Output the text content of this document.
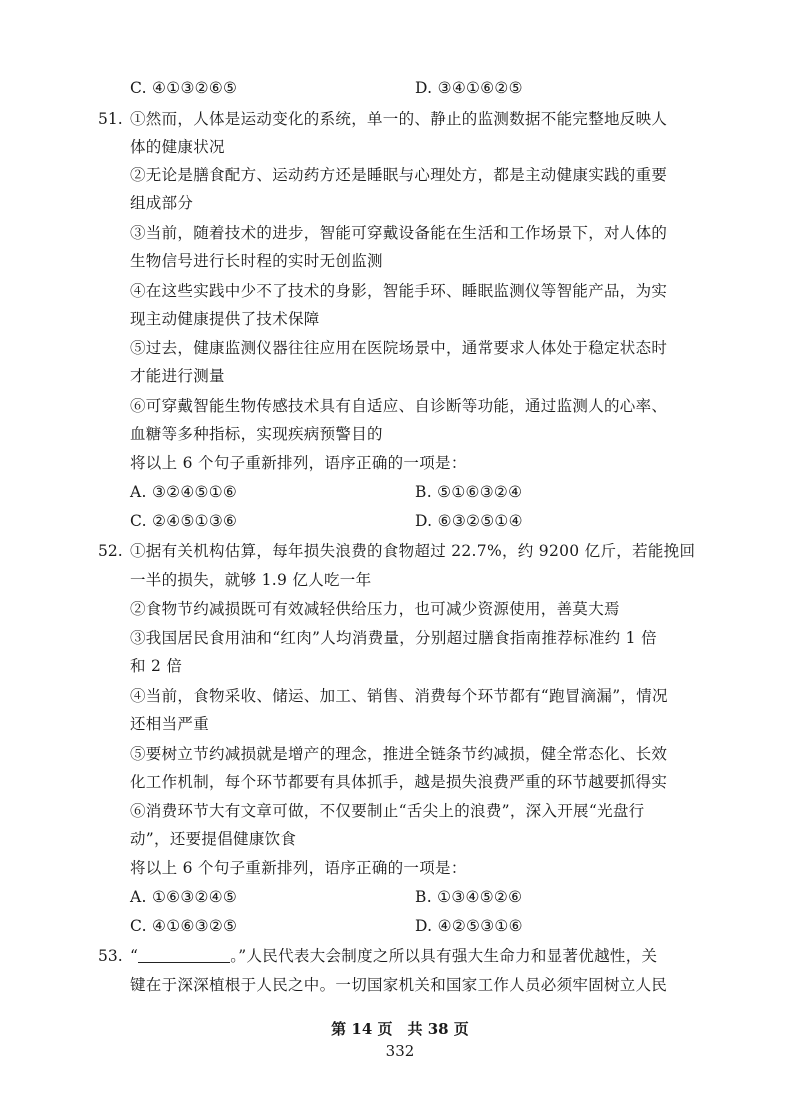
C. ④①③②⑥⑤	D. ③④①⑥②⑤
51. ①然而，人体是运动变化的系统，单一的、静止的监测数据不能完整地反映人
体的健康状况
②无论是膳食配方、运动药方还是睡眠与心理处方，都是主动健康实践的重要
组成部分
③当前，随着技术的进步，智能可穿戴设备能在生活和工作场景下，对人体的
生物信号进行长时程的实时无创监测
④在这些实践中少不了技术的身影，智能手环、睡眠监测仪等智能产品，为实
现主动健康提供了技术保障
⑤过去，健康监测仪器往往应用在医院场景中，通常要求人体处于稳定状态时
才能进行测量
⑥可穿戴智能生物传感技术具有自适应、自诊断等功能，通过监测人的心率、
血糖等多种指标，实现疾病预警目的
将以上 6 个句子重新排列，语序正确的一项是：
A. ③②④⑤①⑥	B. ⑤①⑥③②④
C. ②④⑤①③⑥	D. ⑥③②⑤①④
52. ①据有关机构估算，每年损失浪费的食物超过 22.7%，约 9200 亿斤，若能挽回
一半的损失，就够 1.9 亿人吃一年
②食物节约减损既可有效减轻供给压力，也可减少资源使用，善莫大焉
③我国居民食用油和“红肉”人均消费量，分别超过膳食指南推荐标准约 1 倍
和 2 倍
④当前，食物采收、储运、加工、销售、消费每个环节都有“跑冒滴漏”，情况
还相当严重
⑤要树立节约减损就是增产的理念，推进全链条节约减损，健全常态化、长效
化工作机制，每个环节都要有具体抓手，越是损失浪费严重的环节越要抓得实
⑥消费环节大有文章可做，不仅要制止“舌尖上的浪费”，深入开展“光盘行
动”，还要提倡健康饮食
将以上 6 个句子重新排列，语序正确的一项是：
A. ①⑥③②④⑤	B. ①③④⑤②⑥
C. ④①⑥③②⑤	D. ④②⑤③①⑥
53. “	。”人民代表大会制度之所以具有强大生命力和显著优越性，关
键在于深深植根于人民之中。一切国家机关和国家工作人员必须牢固树立人民
第 14 页　共 38 页
332
